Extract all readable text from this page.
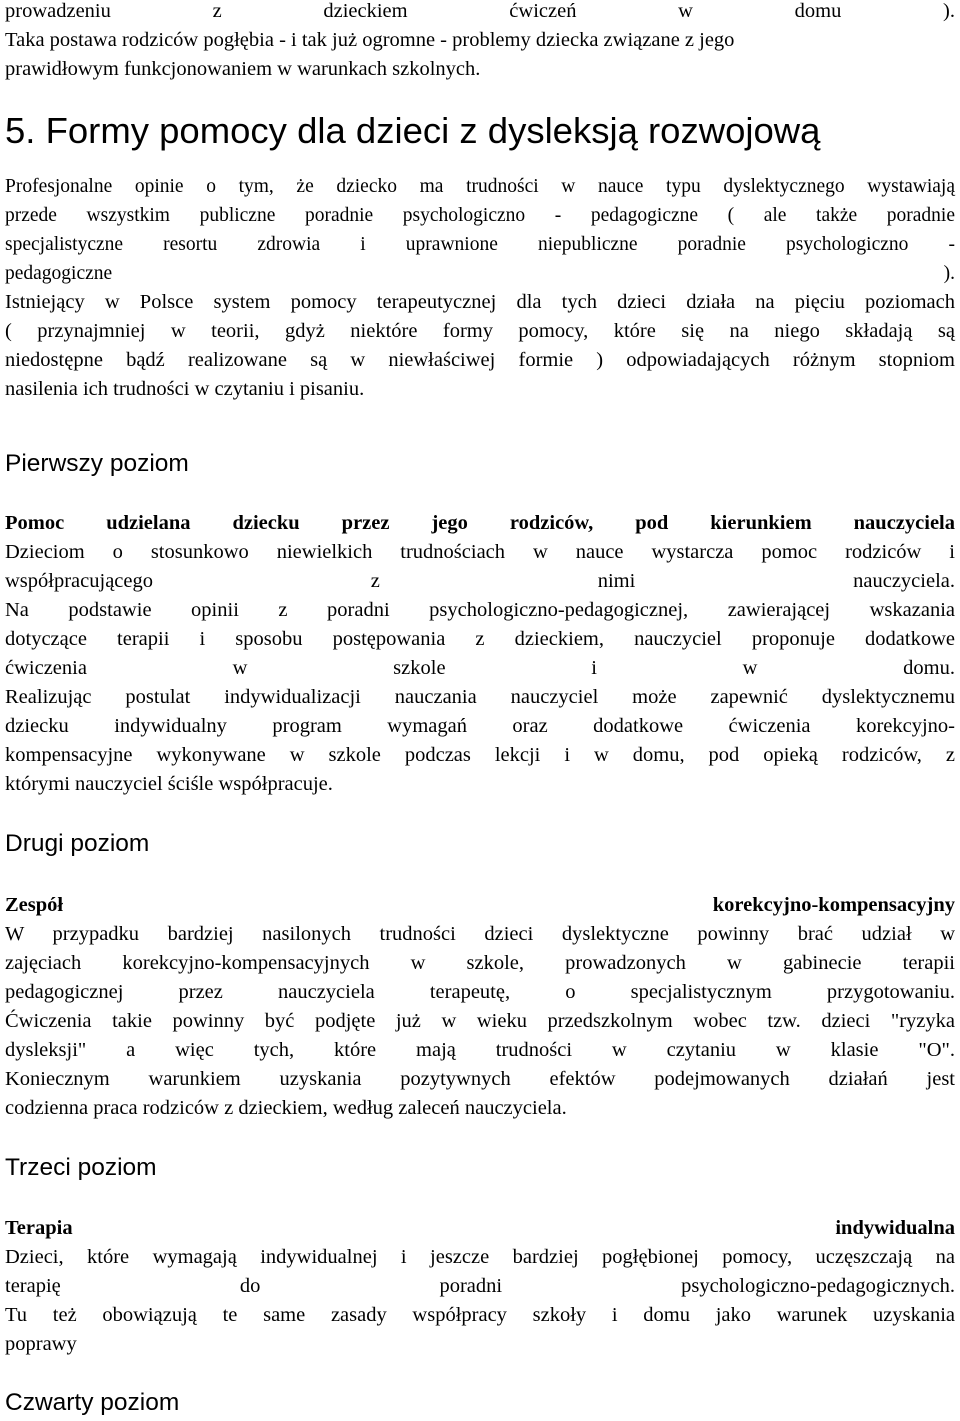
prowadzeniu z dzieckiem ćwiczeń w domu ).
Taka postawa rodziców pogłębia - i tak już ogromne - problemy dziecka związane z jego
prawidłowym funkcjonowaniem w warunkach szkolnych.
5. Formy pomocy dla dzieci z dysleksją rozwojową
Profesjonalne opinie o tym, że dziecko ma trudności w nauce typu dyslektycznego wystawiają
przede wszystkim publiczne poradnie psychologiczno - pedagogiczne ( ale także poradnie
specjalistyczne resortu zdrowia i uprawnione niepubliczne poradnie psychologiczno -
pedagogiczne ).
Istniejący w Polsce system pomocy terapeutycznej dla tych dzieci działa na pięciu poziomach
( przynajmniej w teorii, gdyż niektóre formy pomocy, które się na niego składają są
niedostępne bądź realizowane są w niewłaściwej formie ) odpowiadających różnym stopniom
nasilenia ich trudności w czytaniu i pisaniu.
Pierwszy poziom
Pomoc udzielana dziecku przez jego rodziców, pod kierunkiem nauczyciela
Dzieciom o stosunkowo niewielkich trudnościach w nauce wystarcza pomoc rodziców i
współpracującego z nimi nauczyciela.
Na podstawie opinii z poradni psychologiczno-pedagogicznej, zawierającej wskazania
dotyczące terapii i sposobu postępowania z dzieckiem, nauczyciel proponuje dodatkowe
ćwiczenia w szkole i w domu.
Realizując postulat indywidualizacji nauczania nauczyciel może zapewnić dyslektycznemu
dziecku indywidualny program wymagań oraz dodatkowe ćwiczenia korekcyjno-
kompensacyjne wykonywane w szkole podczas lekcji i w domu, pod opieką rodziców, z
którymi nauczyciel ściśle współpracuje.
Drugi poziom
Zespół korekcyjno-kompensacyjny
W przypadku bardziej nasilonych trudności dzieci dyslektyczne powinny brać udział w
zajęciach korekcyjno-kompensacyjnych w szkole, prowadzonych w gabinecie terapii
pedagogicznej przez nauczyciela terapeutę, o specjalistycznym przygotowaniu.
Ćwiczenia takie powinny być podjęte już w wieku przedszkolnym wobec tzw. dzieci "ryzyka
dysleksji" a więc tych, które mają trudności w czytaniu w klasie "O".
Koniecznym warunkiem uzyskania pozytywnych efektów podejmowanych działań jest
codzienna praca rodziców z dzieckiem, według zaleceń nauczyciela.
Trzeci poziom
Terapia indywidualna
Dzieci, które wymagają indywidualnej i jeszcze bardziej pogłębionej pomocy, uczęszczają na
terapię do poradni psychologiczno-pedagogicznych.
Tu też obowiązują te same zasady współpracy szkoły i domu jako warunek uzyskania
poprawy
Czwarty poziom
